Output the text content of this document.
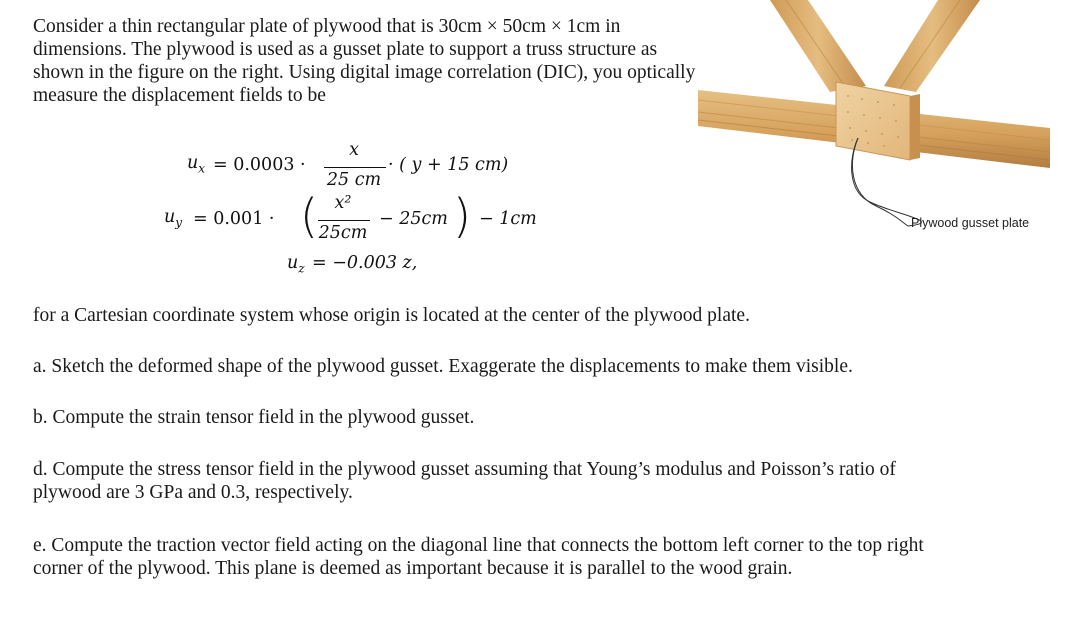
Consider a thin rectangular plate of plywood that is 30cm × 50cm × 1cm in dimensions. The plywood is used as a gusset plate to support a truss structure as shown in the figure on the right. Using digital image correlation (DIC), you optically measure the displacement fields to be

$u_x = 0.0003$ ·
x
25 cm
· ( y + 15 cm)
$u_y = 0.001$ · ( x²
25cm
− 25cm ) − 1cm
$u_z = -0.003$ z,
Plywood gusset plate

for a Cartesian coordinate system whose origin is located at the center of the plywood plate.

a. Sketch the deformed shape of the plywood gusset. Exaggerate the displacements to make them visible.

b. Compute the strain tensor field in the plywood gusset.

d. Compute the stress tensor field in the plywood gusset assuming that Young’s modulus and Poisson’s ratio of plywood are 3 GPa and 0.3, respectively.

e. Compute the traction vector field acting on the diagonal line that connects the bottom left corner to the top right corner of the plywood. This plane is deemed as important because it is parallel to the wood grain.
